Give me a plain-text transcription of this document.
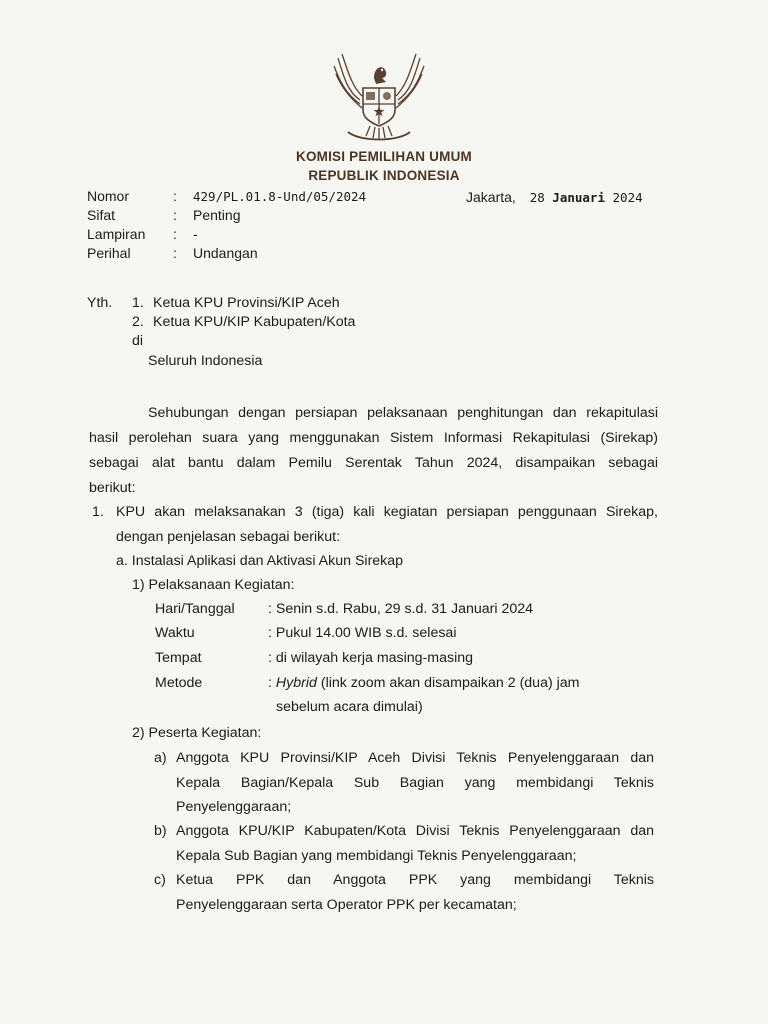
KOMISI PEMILIHAN UMUM
REPUBLIK INDONESIA
Nomor	: 429/PL.01.8-Und/05/2024
Sifat	: Penting
Lampiran : -
Perihal	: Undangan
Jakarta, 28 Januari 2024
Yth. 1. Ketua KPU Provinsi/KIP Aceh
2. Ketua KPU/KIP Kabupaten/Kota
di
Seluruh Indonesia
Sehubungan dengan persiapan pelaksanaan penghitungan dan rekapitulasi
hasil perolehan suara yang menggunakan Sistem Informasi Rekapitulasi (Sirekap)
sebagai alat bantu dalam Pemilu Serentak Tahun 2024, disampaikan sebagai
berikut:
1. KPU akan melaksanakan 3 (tiga) kali kegiatan persiapan penggunaan Sirekap,
dengan penjelasan sebagai berikut:
a. Instalasi Aplikasi dan Aktivasi Akun Sirekap
1) Pelaksanaan Kegiatan:
Hari/Tanggal : Senin s.d. Rabu, 29 s.d. 31 Januari 2024
Waktu	: Pukul 14.00 WIB s.d. selesai
Tempat	: di wilayah kerja masing-masing
Metode	: Hybrid (link zoom akan disampaikan 2 (dua) jam
sebelum acara dimulai)
2) Peserta Kegiatan:
a) Anggota KPU Provinsi/KIP Aceh Divisi Teknis Penyelenggaraan dan
Kepala Bagian/Kepala Sub Bagian yang membidangi Teknis
Penyelenggaraan;
b) Anggota KPU/KIP Kabupaten/Kota Divisi Teknis Penyelenggaraan dan
Kepala Sub Bagian yang membidangi Teknis Penyelenggaraan;
c) Ketua PPK dan Anggota PPK yang membidangi Teknis
Penyelenggaraan serta Operator PPK per kecamatan;
